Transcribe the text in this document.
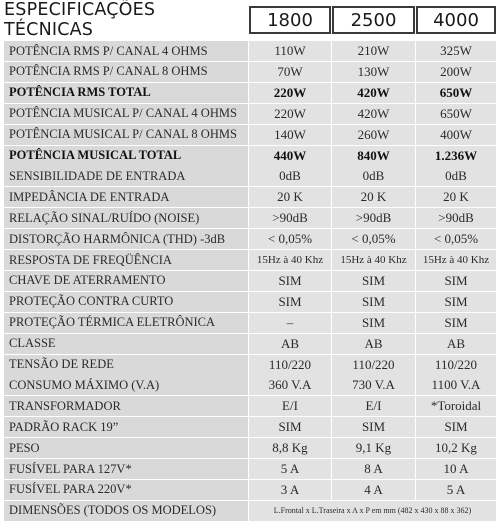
ESPECIFICAÇÕES TÉCNICAS	1800	2500	4000
POTÊNCIA RMS P/ CANAL 4 OHMS	110W	210W	325W
POTÊNCIA RMS P/ CANAL 8 OHMS	70W	130W	200W
POTÊNCIA RMS TOTAL	220W	420W	650W
POTÊNCIA MUSICAL P/ CANAL 4 OHMS	220W	420W	650W
POTÊNCIA MUSICAL P/ CANAL 8 OHMS	140W	260W	400W
POTÊNCIA MUSICAL TOTAL	440W	840W	1.236W
SENSIBILIDADE DE ENTRADA	0dB	0dB	0dB
IMPEDÂNCIA DE ENTRADA	20 K	20 K	20 K
RELAÇÃO SINAL/RUÍDO (NOISE)	>90dB	>90dB	>90dB
DISTORÇÃO HARMÔNICA (THD) -3dB	< 0,05%	< 0,05%	< 0,05%
RESPOSTA DE FREQÜÊNCIA	15Hz à 40 Khz	15Hz à 40 Khz	15Hz à 40 Khz
CHAVE DE ATERRAMENTO	SIM	SIM	SIM
PROTEÇÃO CONTRA CURTO	SIM	SIM	SIM
PROTEÇÃO TÉRMICA ELETRÔNICA	–	SIM	SIM
CLASSE	AB	AB	AB
TENSÃO DE REDE	110/220	110/220	110/220
CONSUMO MÁXIMO (V.A)	360 V.A	730 V.A	1100 V.A
TRANSFORMADOR	E/I	E/I	*Toroidal
PADRÃO RACK 19”	SIM	SIM	SIM
PESO	8,8 Kg	9,1 Kg	10,2 Kg
FUSÍVEL PARA 127V*	5 A	8 A	10 A
FUSÍVEL PARA 220V*	3 A	4 A	5 A
DIMENSÕES (TODOS OS MODELOS)	L.Frontal x L.Traseira x A x P em mm (482 x 430 x 88 x 362)
